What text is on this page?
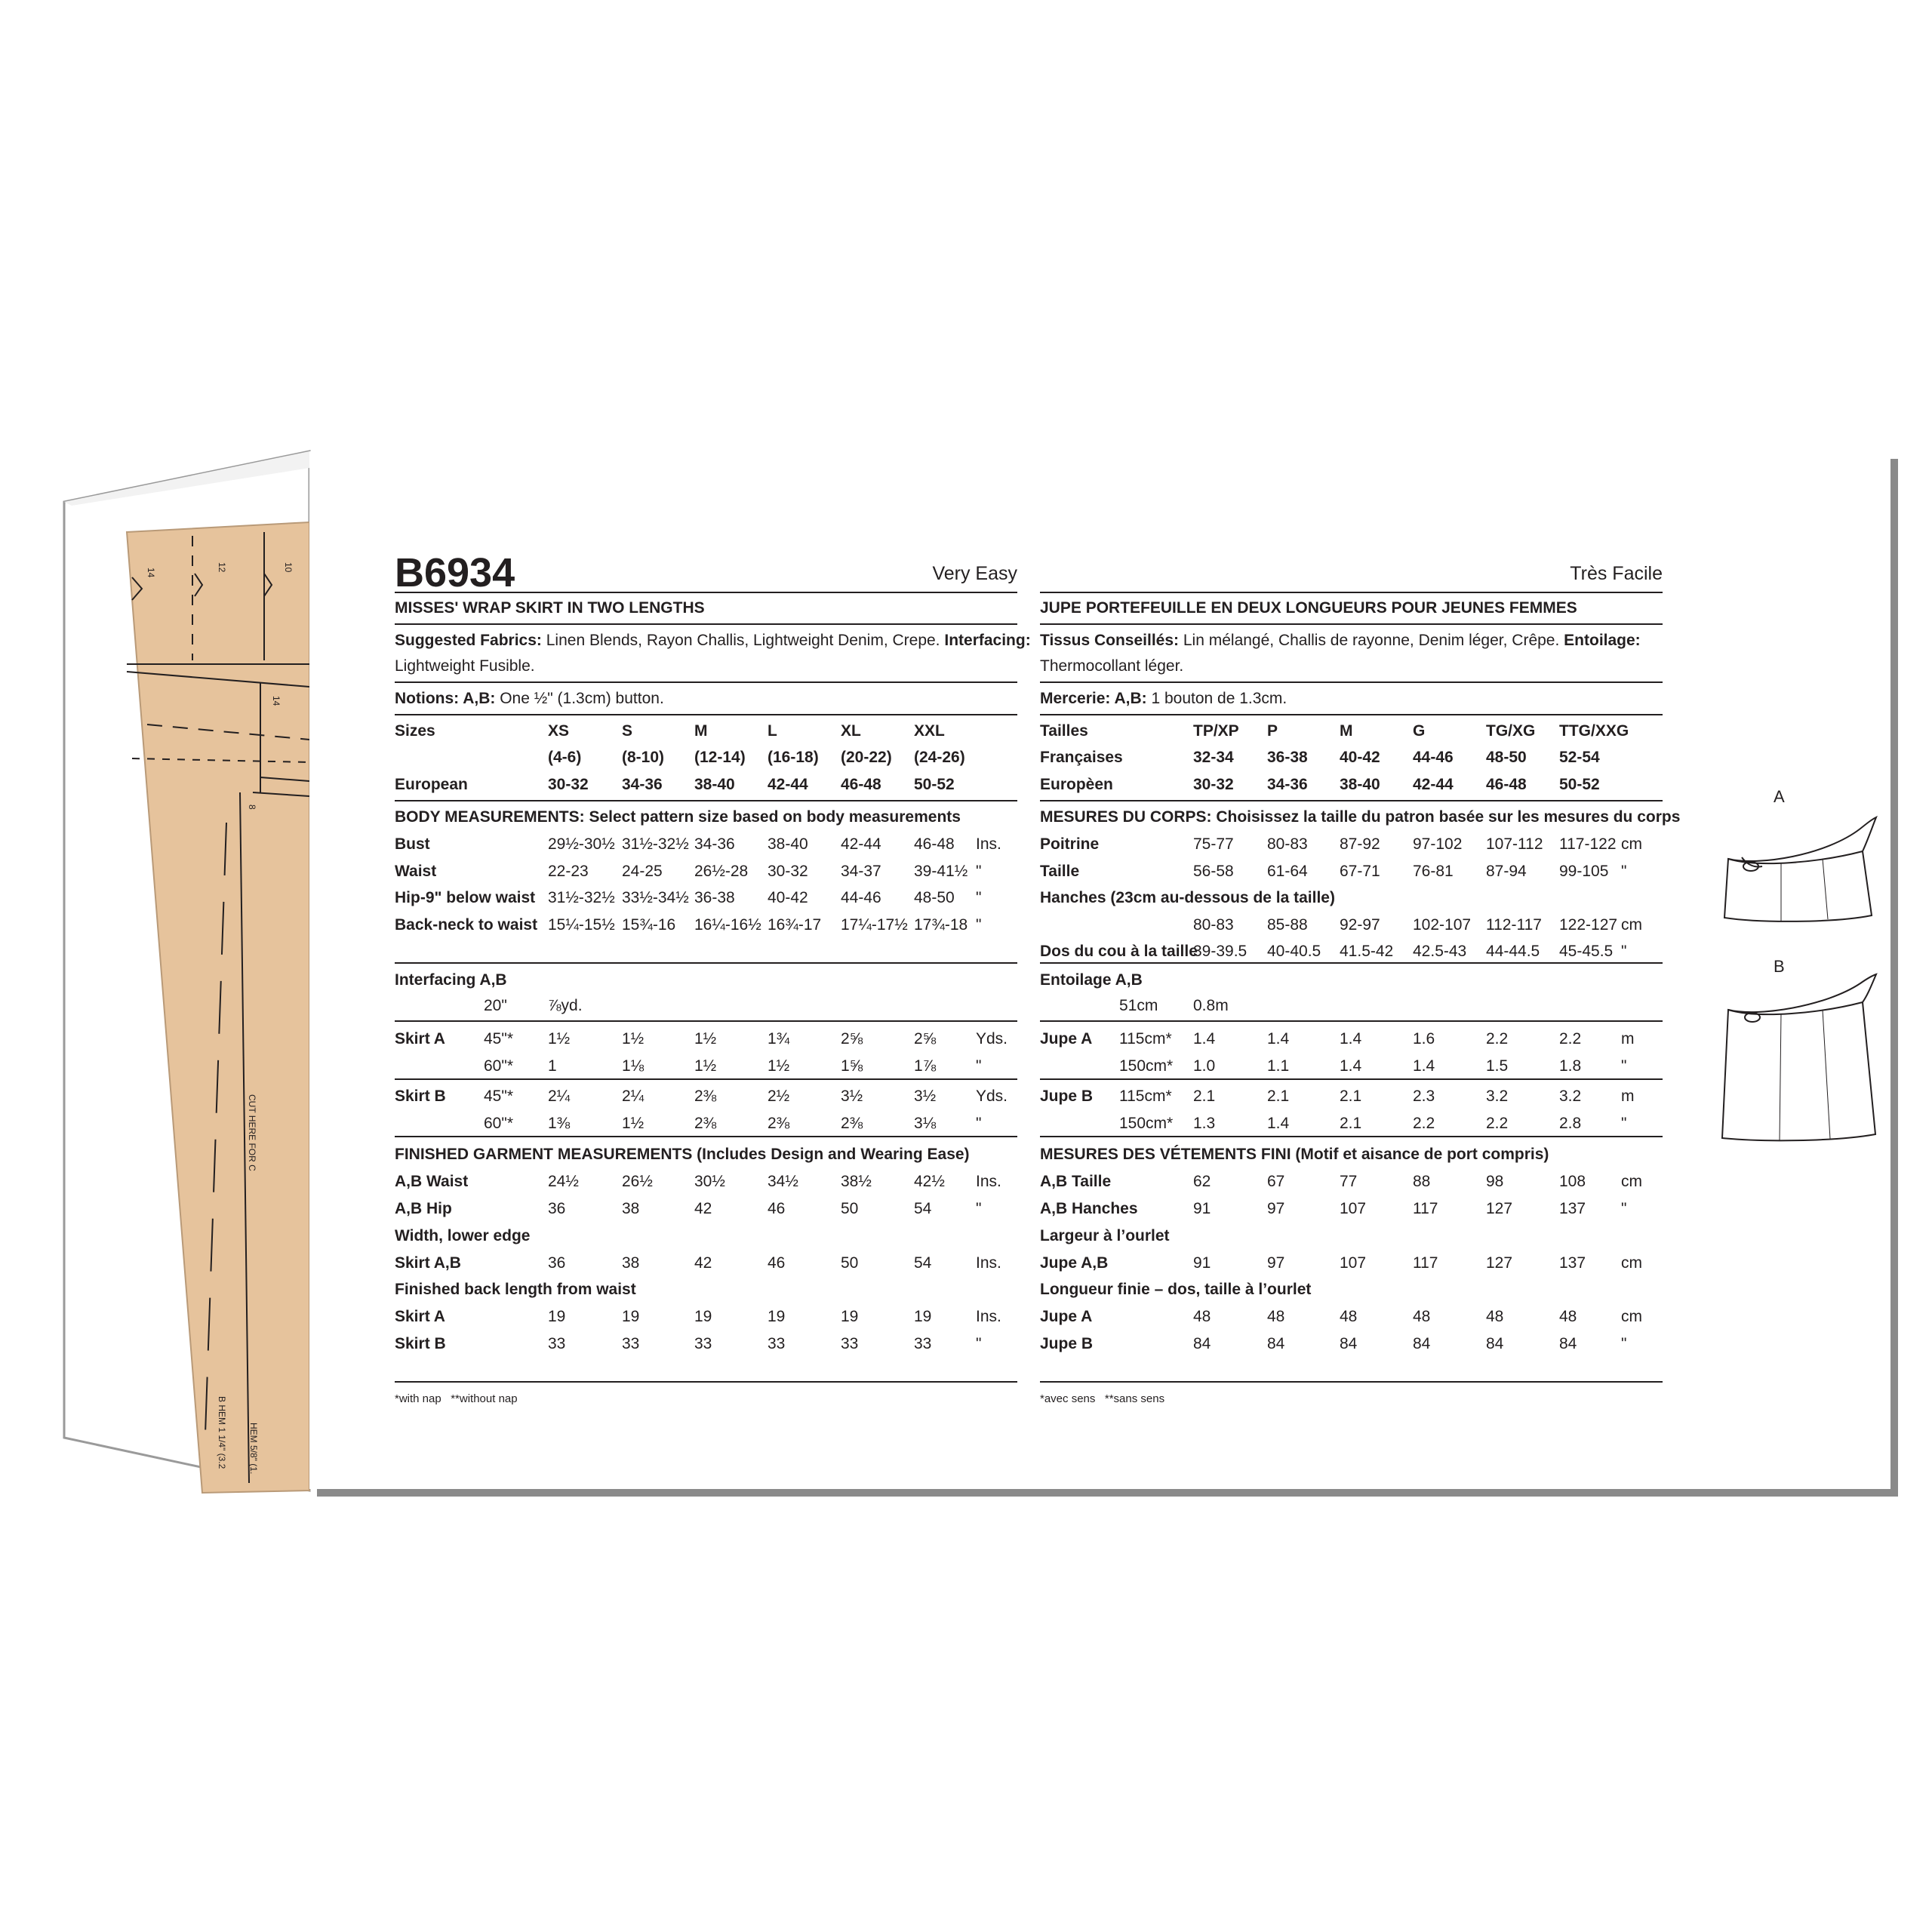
14
12	10
14
8
CUT HERE FOR C
B HEM 1 1/4" (3.2 HEM 5/8" (1.
B6934	Very Easy
MISSES' WRAP SKIRT IN TWO LENGTHS
Suggested Fabrics: Linen Blends, Rayon Challis, Lightweight Denim, Crepe. Interfacing:
Lightweight Fusible.
Notions: A,B: One ½" (1.3cm) button.
Sizes	XS	S	M	L	XL	XXL
(4-6)	(8-10) (12-14) (16-18) (20-22) (24-26)
European	30-32 34-36 38-40 42-44 46-48 50-52
BODY MEASUREMENTS: Select pattern size based on body measurements
Bust	29½-30½ 31½-32½ 34-36 38-40 42-44 46-48 Ins.
Waist	22-23 24-25 26½-28 30-32 34-37 39-41½ "
Hip-9" below waist 31½-32½ 33½-34½ 36-38 40-42 44-46 48-50 "
Back-neck to waist 15¼-15½ 15¾-16 16¼-16½ 16¾-17 17¼-17½ 17¾-18 "
Interfacing A,B
20"	⅞yd.
Skirt A 45"* 1½	1½	1½	1¾	2⅝	2⅝	Yds.
60"* 1	1⅛	1½	1½	1⅝	1⅞	"
Skirt B 45"* 2¼	2¼	2⅜	2½	3½	3½	Yds.
60"* 1⅜	1½	2⅜	2⅜	2⅜	3⅛	"
FINISHED GARMENT MEASUREMENTS (Includes Design and Wearing Ease)
A,B Waist	24½	26½	30½	34½	38½	42½ Ins.
A,B Hip	36	38	42	46	50	54	"
Width, lower edge
Skirt A,B	36	38	42	46	50	54	Ins.
Finished back length from waist
Skirt A	19	19	19	19	19	19	Ins.
Skirt B	33	33	33	33	33	33	"
*with nap   **without nap
Très Facile
JUPE PORTEFEUILLE EN DEUX LONGUEURS POUR JEUNES FEMMES
Tissus Conseillés: Lin mélangé, Challis de rayonne, Denim léger, Crêpe. Entoilage:
Thermocollant léger.
Mercerie: A,B: 1 bouton de 1.3cm.
Tailles	TP/XP P	M	G	TG/XG TTG/XXG
Françaises	32-34 36-38 40-42 44-46 48-50 52-54
Europèen	30-32 34-36 38-40 42-44 46-48 50-52
MESURES DU CORPS: Choisissez la taille du patron basée sur les mesures du corps
Poitrine	75-77 80-83 87-92 97-102 107-112 117-122 cm
Taille	56-58 61-64 67-71 76-81 87-94 99-105 "
Hanches (23cm au-dessous de la taille)
80-83 85-88 92-97 102-107 112-117 122-127 cm
Dos du cou à la taille
39-39.5 40-40.5 41.5-42 42.5-43 44-44.5 45-45.5 "
Entoilage A,B
51cm 0.8m
Jupe A 115cm* 1.4	1.4	1.4	1.6	2.2	2.2	m
150cm* 1.0	1.1	1.4	1.4	1.5	1.8	"
Jupe B 115cm* 2.1	2.1	2.1	2.3	3.2	3.2	m
150cm* 1.3	1.4	2.1	2.2	2.2	2.8	"
MESURES DES VÉTEMENTS FINI (Motif et aisance de port compris)
A,B Taille	62	67	77	88	98	108 cm
A,B Hanches	91	97	107	117	127	137 "
Largeur à l’ourlet
Jupe A,B	91	97	107	117	127	137 cm
Longueur finie – dos, taille à l’ourlet
Jupe A	48	48	48	48	48	48	cm
Jupe B	84	84	84	84	84	84	"
*avec sens   **sans sens
A
B
